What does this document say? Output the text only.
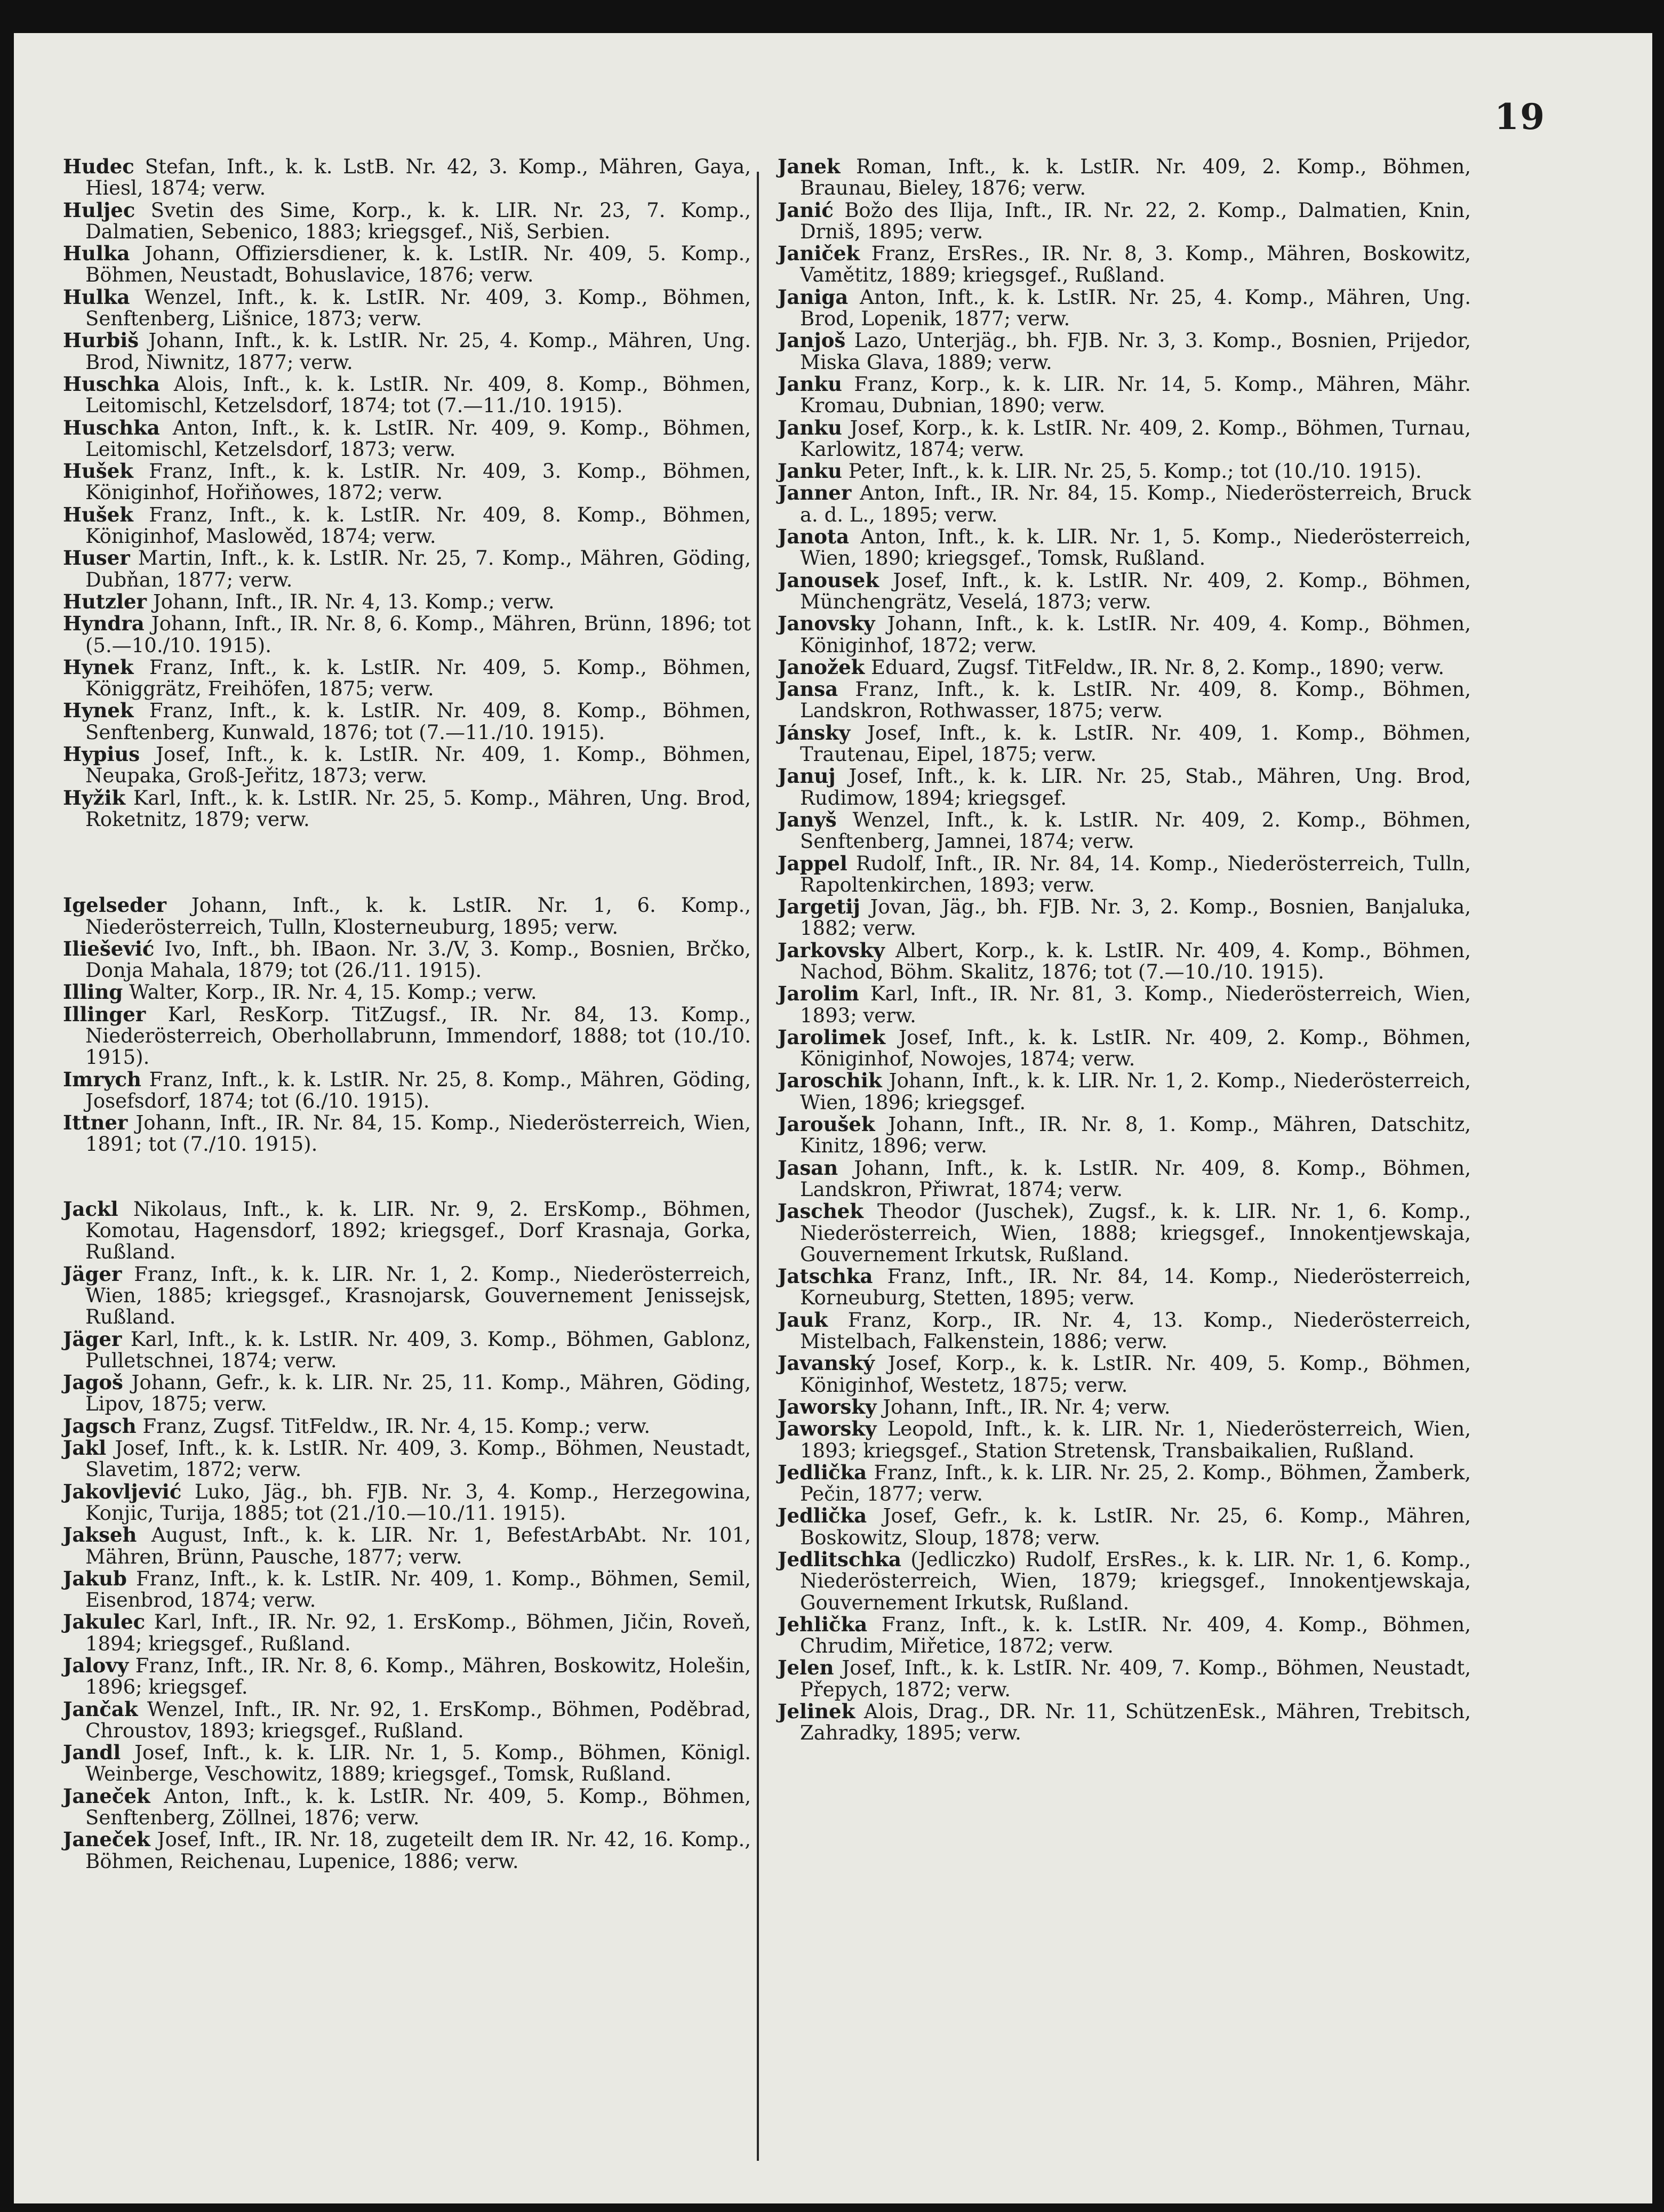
19

Hudec Stefan, Inft., k. k. LstB. Nr. 42, 3. Komp., Mähren, Gaya, Hiesl, 1874; verw.

Huljec Svetin des Sime, Korp., k. k. LIR. Nr. 23, 7. Komp., Dalmatien, Sebenico, 1883; kriegsgef., Niš, Serbien.

Hulka Johann, Offiziersdiener, k. k. LstIR. Nr. 409, 5. Komp., Böhmen, Neustadt, Bohuslavice, 1876; verw.

Hulka Wenzel, Inft., k. k. LstIR. Nr. 409, 3. Komp., Böhmen, Senftenberg, Lišnice, 1873; verw.

Hurbiš Johann, Inft., k. k. LstIR. Nr. 25, 4. Komp., Mähren, Ung. Brod, Niwnitz, 1877; verw.

Huschka Alois, Inft., k. k. LstIR. Nr. 409, 8. Komp., Böhmen, Leitomischl, Ketzelsdorf, 1874; tot (7.—11./10. 1915).

Huschka Anton, Inft., k. k. LstIR. Nr. 409, 9. Komp., Böhmen, Leitomischl, Ketzelsdorf, 1873; verw.

Hušek Franz, Inft., k. k. LstIR. Nr. 409, 3. Komp., Böhmen, Königinhof, Hořiňowes, 1872; verw.

Hušek Franz, Inft., k. k. LstIR. Nr. 409, 8. Komp., Böhmen, Königinhof, Maslowěd, 1874; verw.

Huser Martin, Inft., k. k. LstIR. Nr. 25, 7. Komp., Mähren, Göding, Dubňan, 1877; verw.

Hutzler Johann, Inft., IR. Nr. 4, 13. Komp.; verw.

Hyndra Johann, Inft., IR. Nr. 8, 6. Komp., Mähren, Brünn, 1896; tot (5.—10./10. 1915).

Hynek Franz, Inft., k. k. LstIR. Nr. 409, 5. Komp., Böhmen, Königgrätz, Freihöfen, 1875; verw.

Hynek Franz, Inft., k. k. LstIR. Nr. 409, 8. Komp., Böhmen, Senftenberg, Kunwald, 1876; tot (7.—11./10. 1915).

Hypius Josef, Inft., k. k. LstIR. Nr. 409, 1. Komp., Böhmen, Neupaka, Groß-Jeřitz, 1873; verw.

Hyžik Karl, Inft., k. k. LstIR. Nr. 25, 5. Komp., Mähren, Ung. Brod, Roketnitz, 1879; verw.

Igelseder Johann, Inft., k. k. LstIR. Nr. 1, 6. Komp., Niederösterreich, Tulln, Klosterneuburg, 1895; verw.

Iliešević Ivo, Inft., bh. IBaon. Nr. 3./V, 3. Komp., Bosnien, Brčko, Donja Mahala, 1879; tot (26./11. 1915).

Illing Walter, Korp., IR. Nr. 4, 15. Komp.; verw.

Illinger Karl, ResKorp. TitZugsf., IR. Nr. 84, 13. Komp., Niederösterreich, Oberhollabrunn, Immendorf, 1888; tot (10./10. 1915).

Imrych Franz, Inft., k. k. LstIR. Nr. 25, 8. Komp., Mähren, Göding, Josefsdorf, 1874; tot (6./10. 1915).

Ittner Johann, Inft., IR. Nr. 84, 15. Komp., Niederösterreich, Wien, 1891; tot (7./10. 1915).

Jackl Nikolaus, Inft., k. k. LIR. Nr. 9, 2. ErsKomp., Böhmen, Komotau, Hagensdorf, 1892; kriegsgef., Dorf Krasnaja, Gorka, Rußland.

Jäger Franz, Inft., k. k. LIR. Nr. 1, 2. Komp., Niederösterreich, Wien, 1885; kriegsgef., Krasnojarsk, Gouvernement Jenissejsk, Rußland.

Jäger Karl, Inft., k. k. LstIR. Nr. 409, 3. Komp., Böhmen, Gablonz, Pulletschnei, 1874; verw.

Jagoš Johann, Gefr., k. k. LIR. Nr. 25, 11. Komp., Mähren, Göding, Lipov, 1875; verw.

Jagsch Franz, Zugsf. TitFeldw., IR. Nr. 4, 15. Komp.; verw.

Jakl Josef, Inft., k. k. LstIR. Nr. 409, 3. Komp., Böhmen, Neustadt, Slavetim, 1872; verw.

Jakovljević Luko, Jäg., bh. FJB. Nr. 3, 4. Komp., Herzegowina, Konjic, Turija, 1885; tot (21./10.—10./11. 1915).

Jakseh August, Inft., k. k. LIR. Nr. 1, BefestArbAbt. Nr. 101, Mähren, Brünn, Pausche, 1877; verw.

Jakub Franz, Inft., k. k. LstIR. Nr. 409, 1. Komp., Böhmen, Semil, Eisenbrod, 1874; verw.

Jakulec Karl, Inft., IR. Nr. 92, 1. ErsKomp., Böhmen, Jičin, Roveň, 1894; kriegsgef., Rußland.

Jalovy Franz, Inft., IR. Nr. 8, 6. Komp., Mähren, Boskowitz, Holešin, 1896; kriegsgef.

Jančak Wenzel, Inft., IR. Nr. 92, 1. ErsKomp., Böhmen, Poděbrad, Chroustov, 1893; kriegsgef., Rußland.

Jandl Josef, Inft., k. k. LIR. Nr. 1, 5. Komp., Böhmen, Königl. Weinberge, Veschowitz, 1889; kriegsgef., Tomsk, Rußland.

Janeček Anton, Inft., k. k. LstIR. Nr. 409, 5. Komp., Böhmen, Senftenberg, Zöllnei, 1876; verw.

Janeček Josef, Inft., IR. Nr. 18, zugeteilt dem IR. Nr. 42, 16. Komp., Böhmen, Reichenau, Lupenice, 1886; verw.

Janek Roman, Inft., k. k. LstIR. Nr. 409, 2. Komp., Böhmen, Braunau, Bieley, 1876; verw.

Janić Božo des Ilija, Inft., IR. Nr. 22, 2. Komp., Dalmatien, Knin, Drniš, 1895; verw.

Janiček Franz, ErsRes., IR. Nr. 8, 3. Komp., Mähren, Boskowitz, Vamětitz, 1889; kriegsgef., Rußland.

Janiga Anton, Inft., k. k. LstIR. Nr. 25, 4. Komp., Mähren, Ung. Brod, Lopenik, 1877; verw.

Janjoš Lazo, Unterjäg., bh. FJB. Nr. 3, 3. Komp., Bosnien, Prijedor, Miska Glava, 1889; verw.

Janku Franz, Korp., k. k. LIR. Nr. 14, 5. Komp., Mähren, Mähr. Kromau, Dubnian, 1890; verw.

Janku Josef, Korp., k. k. LstIR. Nr. 409, 2. Komp., Böhmen, Turnau, Karlowitz, 1874; verw.

Janku Peter, Inft., k. k. LIR. Nr. 25, 5. Komp.; tot (10./10. 1915).

Janner Anton, Inft., IR. Nr. 84, 15. Komp., Niederösterreich, Bruck a. d. L., 1895; verw.

Janota Anton, Inft., k. k. LIR. Nr. 1, 5. Komp., Niederösterreich, Wien, 1890; kriegsgef., Tomsk, Rußland.

Janousek Josef, Inft., k. k. LstIR. Nr. 409, 2. Komp., Böhmen, Münchengrätz, Veselá, 1873; verw.

Janovsky Johann, Inft., k. k. LstIR. Nr. 409, 4. Komp., Böhmen, Königinhof, 1872; verw.

Janožek Eduard, Zugsf. TitFeldw., IR. Nr. 8, 2. Komp., 1890; verw.

Jansa Franz, Inft., k. k. LstIR. Nr. 409, 8. Komp., Böhmen, Landskron, Rothwasser, 1875; verw.

Jánsky Josef, Inft., k. k. LstIR. Nr. 409, 1. Komp., Böhmen, Trautenau, Eipel, 1875; verw.

Januj Josef, Inft., k. k. LIR. Nr. 25, Stab., Mähren, Ung. Brod, Rudimow, 1894; kriegsgef.

Janyš Wenzel, Inft., k. k. LstIR. Nr. 409, 2. Komp., Böhmen, Senftenberg, Jamnei, 1874; verw.

Jappel Rudolf, Inft., IR. Nr. 84, 14. Komp., Niederösterreich, Tulln, Rapoltenkirchen, 1893; verw.

Jargetij Jovan, Jäg., bh. FJB. Nr. 3, 2. Komp., Bosnien, Banjaluka, 1882; verw.

Jarkovsky Albert, Korp., k. k. LstIR. Nr. 409, 4. Komp., Böhmen, Nachod, Böhm. Skalitz, 1876; tot (7.—10./10. 1915).

Jarolim Karl, Inft., IR. Nr. 81, 3. Komp., Niederösterreich, Wien, 1893; verw.

Jarolimek Josef, Inft., k. k. LstIR. Nr. 409, 2. Komp., Böhmen, Königinhof, Nowojes, 1874; verw.

Jaroschik Johann, Inft., k. k. LIR. Nr. 1, 2. Komp., Niederösterreich, Wien, 1896; kriegsgef.

Jaroušek Johann, Inft., IR. Nr. 8, 1. Komp., Mähren, Datschitz, Kinitz, 1896; verw.

Jasan Johann, Inft., k. k. LstIR. Nr. 409, 8. Komp., Böhmen, Landskron, Přiwrat, 1874; verw.

Jaschek Theodor (Juschek), Zugsf., k. k. LIR. Nr. 1, 6. Komp., Niederösterreich, Wien, 1888; kriegsgef., Innokentjewskaja, Gouvernement Irkutsk, Rußland.

Jatschka Franz, Inft., IR. Nr. 84, 14. Komp., Niederösterreich, Korneuburg, Stetten, 1895; verw.

Jauk Franz, Korp., IR. Nr. 4, 13. Komp., Niederösterreich, Mistelbach, Falkenstein, 1886; verw.

Javanský Josef, Korp., k. k. LstIR. Nr. 409, 5. Komp., Böhmen, Königinhof, Westetz, 1875; verw.

Jaworsky Johann, Inft., IR. Nr. 4; verw.

Jaworsky Leopold, Inft., k. k. LIR. Nr. 1, Niederösterreich, Wien, 1893; kriegsgef., Station Stretensk, Transbaikalien, Rußland.

Jedlička Franz, Inft., k. k. LIR. Nr. 25, 2. Komp., Böhmen, Žamberk, Pečin, 1877; verw.

Jedlička Josef, Gefr., k. k. LstIR. Nr. 25, 6. Komp., Mähren, Boskowitz, Sloup, 1878; verw.

Jedlitschka (Jedliczko) Rudolf, ErsRes., k. k. LIR. Nr. 1, 6. Komp., Niederösterreich, Wien, 1879; kriegsgef., Innokentjewskaja, Gouvernement Irkutsk, Rußland.

Jehlička Franz, Inft., k. k. LstIR. Nr. 409, 4. Komp., Böhmen, Chrudim, Miřetice, 1872; verw.

Jelen Josef, Inft., k. k. LstIR. Nr. 409, 7. Komp., Böhmen, Neustadt, Přepych, 1872; verw.

Jelinek Alois, Drag., DR. Nr. 11, SchützenEsk., Mähren, Trebitsch, Zahradky, 1895; verw.
